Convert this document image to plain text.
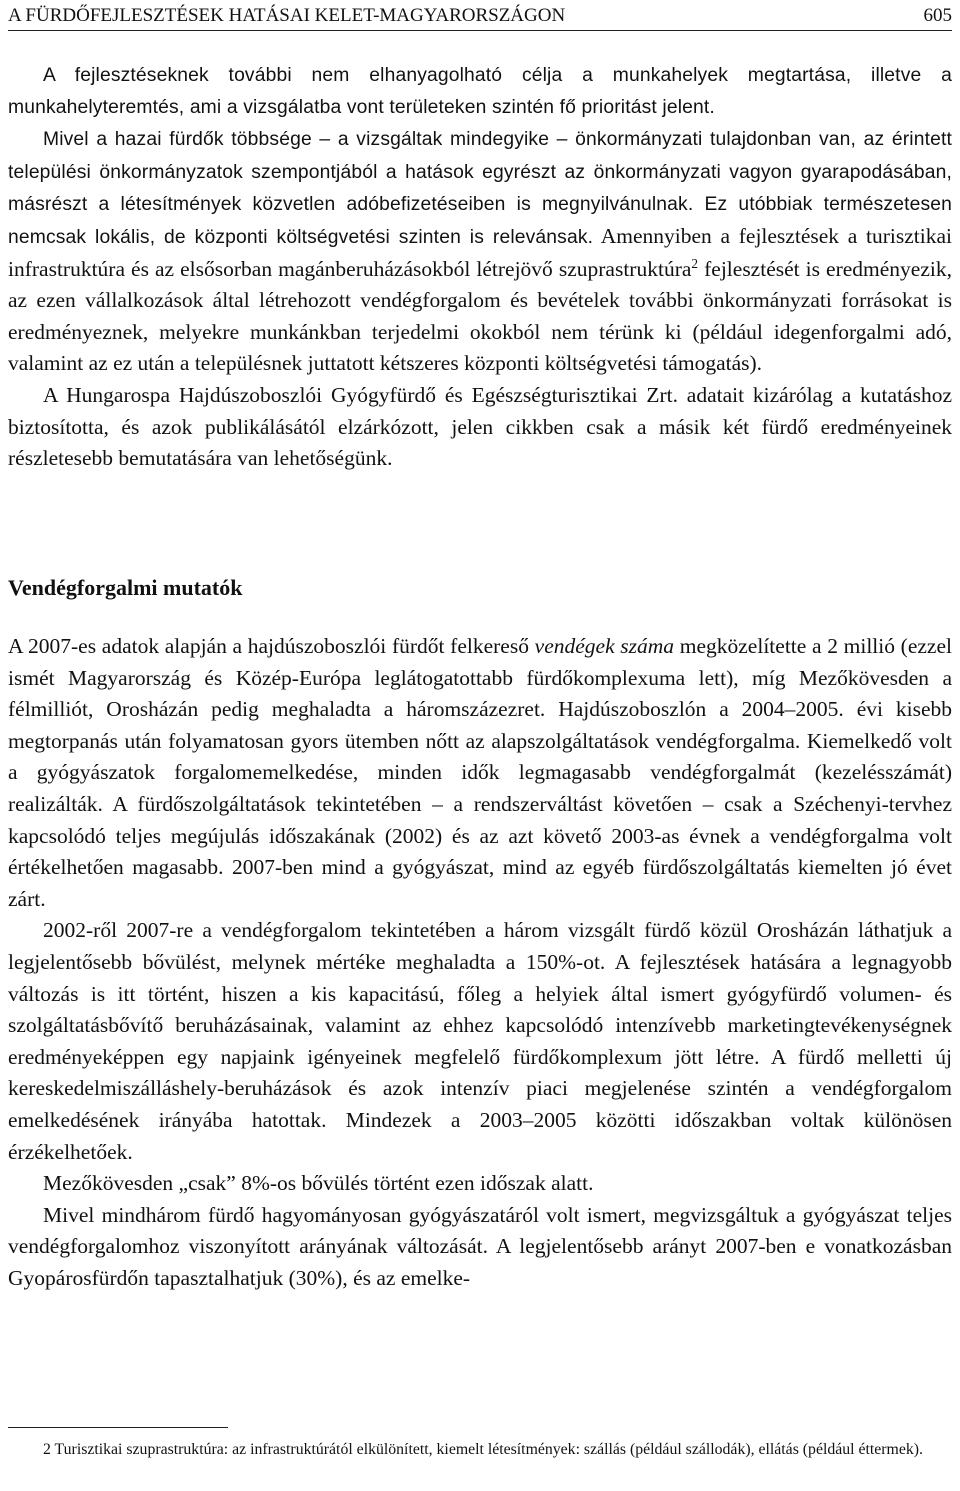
A FÜRDŐFEJLESZTÉSEK HATÁSAI KELET-MAGYARORSZÁGON	605

A fejlesztéseknek további nem elhanyagolható célja a munkahelyek megtartása, illetve a munkahelyteremtés, ami a vizsgálatba vont területeken szintén fő prioritást jelent.

Mivel a hazai fürdők többsége – a vizsgáltak mindegyike – önkormányzati tulajdonban van, az érintett települési önkormányzatok szempontjából a hatások egyrészt az önkormányzati vagyon gyarapodásában, másrészt a létesítmények közvetlen adóbefizetéseiben is megnyilvánulnak. Ez utóbbiak természetesen nemcsak lokális, de központi költségvetési szinten is relevánsak. Amennyiben a fejlesztések a turisztikai infrastruktúra és az elsősorban magánberuházásokból létrejövő szuprastruktúra$^2$ fejlesztését is eredményezik, az ezen vállalkozások által létrehozott vendégforgalom és bevételek további önkormányzati forrásokat is eredményeznek, melyekre munkánkban terjedelmi okokból nem térünk ki (például idegenforgalmi adó, valamint az ez után a településnek juttatott kétszeres központi költségvetési támogatás).

A Hungarospa Hajdúszoboszlói Gyógyfürdő és Egészségturisztikai Zrt. adatait kizárólag a kutatáshoz biztosította, és azok publikálásától elzárkózott, jelen cikkben csak a másik két fürdő eredményeinek részletesebb bemutatására van lehetőségünk.

Vendégforgalmi mutatók

A 2007-es adatok alapján a hajdúszoboszlói fürdőt felkereső vendégek száma megközelítette a 2 millió (ezzel ismét Magyarország és Közép-Európa leglátogatottabb fürdőkomplexuma lett), míg Mezőkövesden a félmilliót, Orosházán pedig meghaladta a háromszázezret. Hajdúszoboszlón a 2004–2005. évi kisebb megtorpanás után folyamatosan gyors ütemben nőtt az alapszolgáltatások vendégforgalma. Kiemelkedő volt a gyógyászatok forgalomemelkedése, minden idők legmagasabb vendégforgalmát (kezelésszámát) realizálták. A fürdőszolgáltatások tekintetében – a rendszerváltást követően – csak a Széchenyi-tervhez kapcsolódó teljes megújulás időszakának (2002) és az azt követő 2003-as évnek a vendégforgalma volt értékelhetően magasabb. 2007-ben mind a gyógyászat, mind az egyéb fürdőszolgáltatás kiemelten jó évet zárt.

2002-ről 2007-re a vendégforgalom tekintetében a három vizsgált fürdő közül Orosházán láthatjuk a legjelentősebb bővülést, melynek mértéke meghaladta a 150%-ot. A fejlesztések hatására a legnagyobb változás is itt történt, hiszen a kis kapacitású, főleg a helyiek által ismert gyógyfürdő volumen- és szolgáltatásbővítő beruházásainak, valamint az ehhez kapcsolódó intenzívebb marketingtevékenységnek eredményeképpen egy napjaink igényeinek megfelelő fürdőkomplexum jött létre. A fürdő melletti új kereskedelmiszálláshely-beruházások és azok intenzív piaci megjelenése szintén a vendégforgalom emelkedésének irányába hatottak. Mindezek a 2003–2005 közötti időszakban voltak különösen érzékelhetőek.

Mezőkövesden „csak” 8%-os bővülés történt ezen időszak alatt.

Mivel mindhárom fürdő hagyományosan gyógyászatáról volt ismert, megvizsgáltuk a gyógyászat teljes vendégforgalomhoz viszonyított arányának változását. A legjelentősebb arányt 2007-ben e vonatkozásban Gyopárosfürdőn tapasztalhatjuk (30%), és az emelke-

2 Turisztikai szuprastruktúra: az infrastruktúrától elkülönített, kiemelt létesítmények: szállás (például szállodák), ellátás (például éttermek).
